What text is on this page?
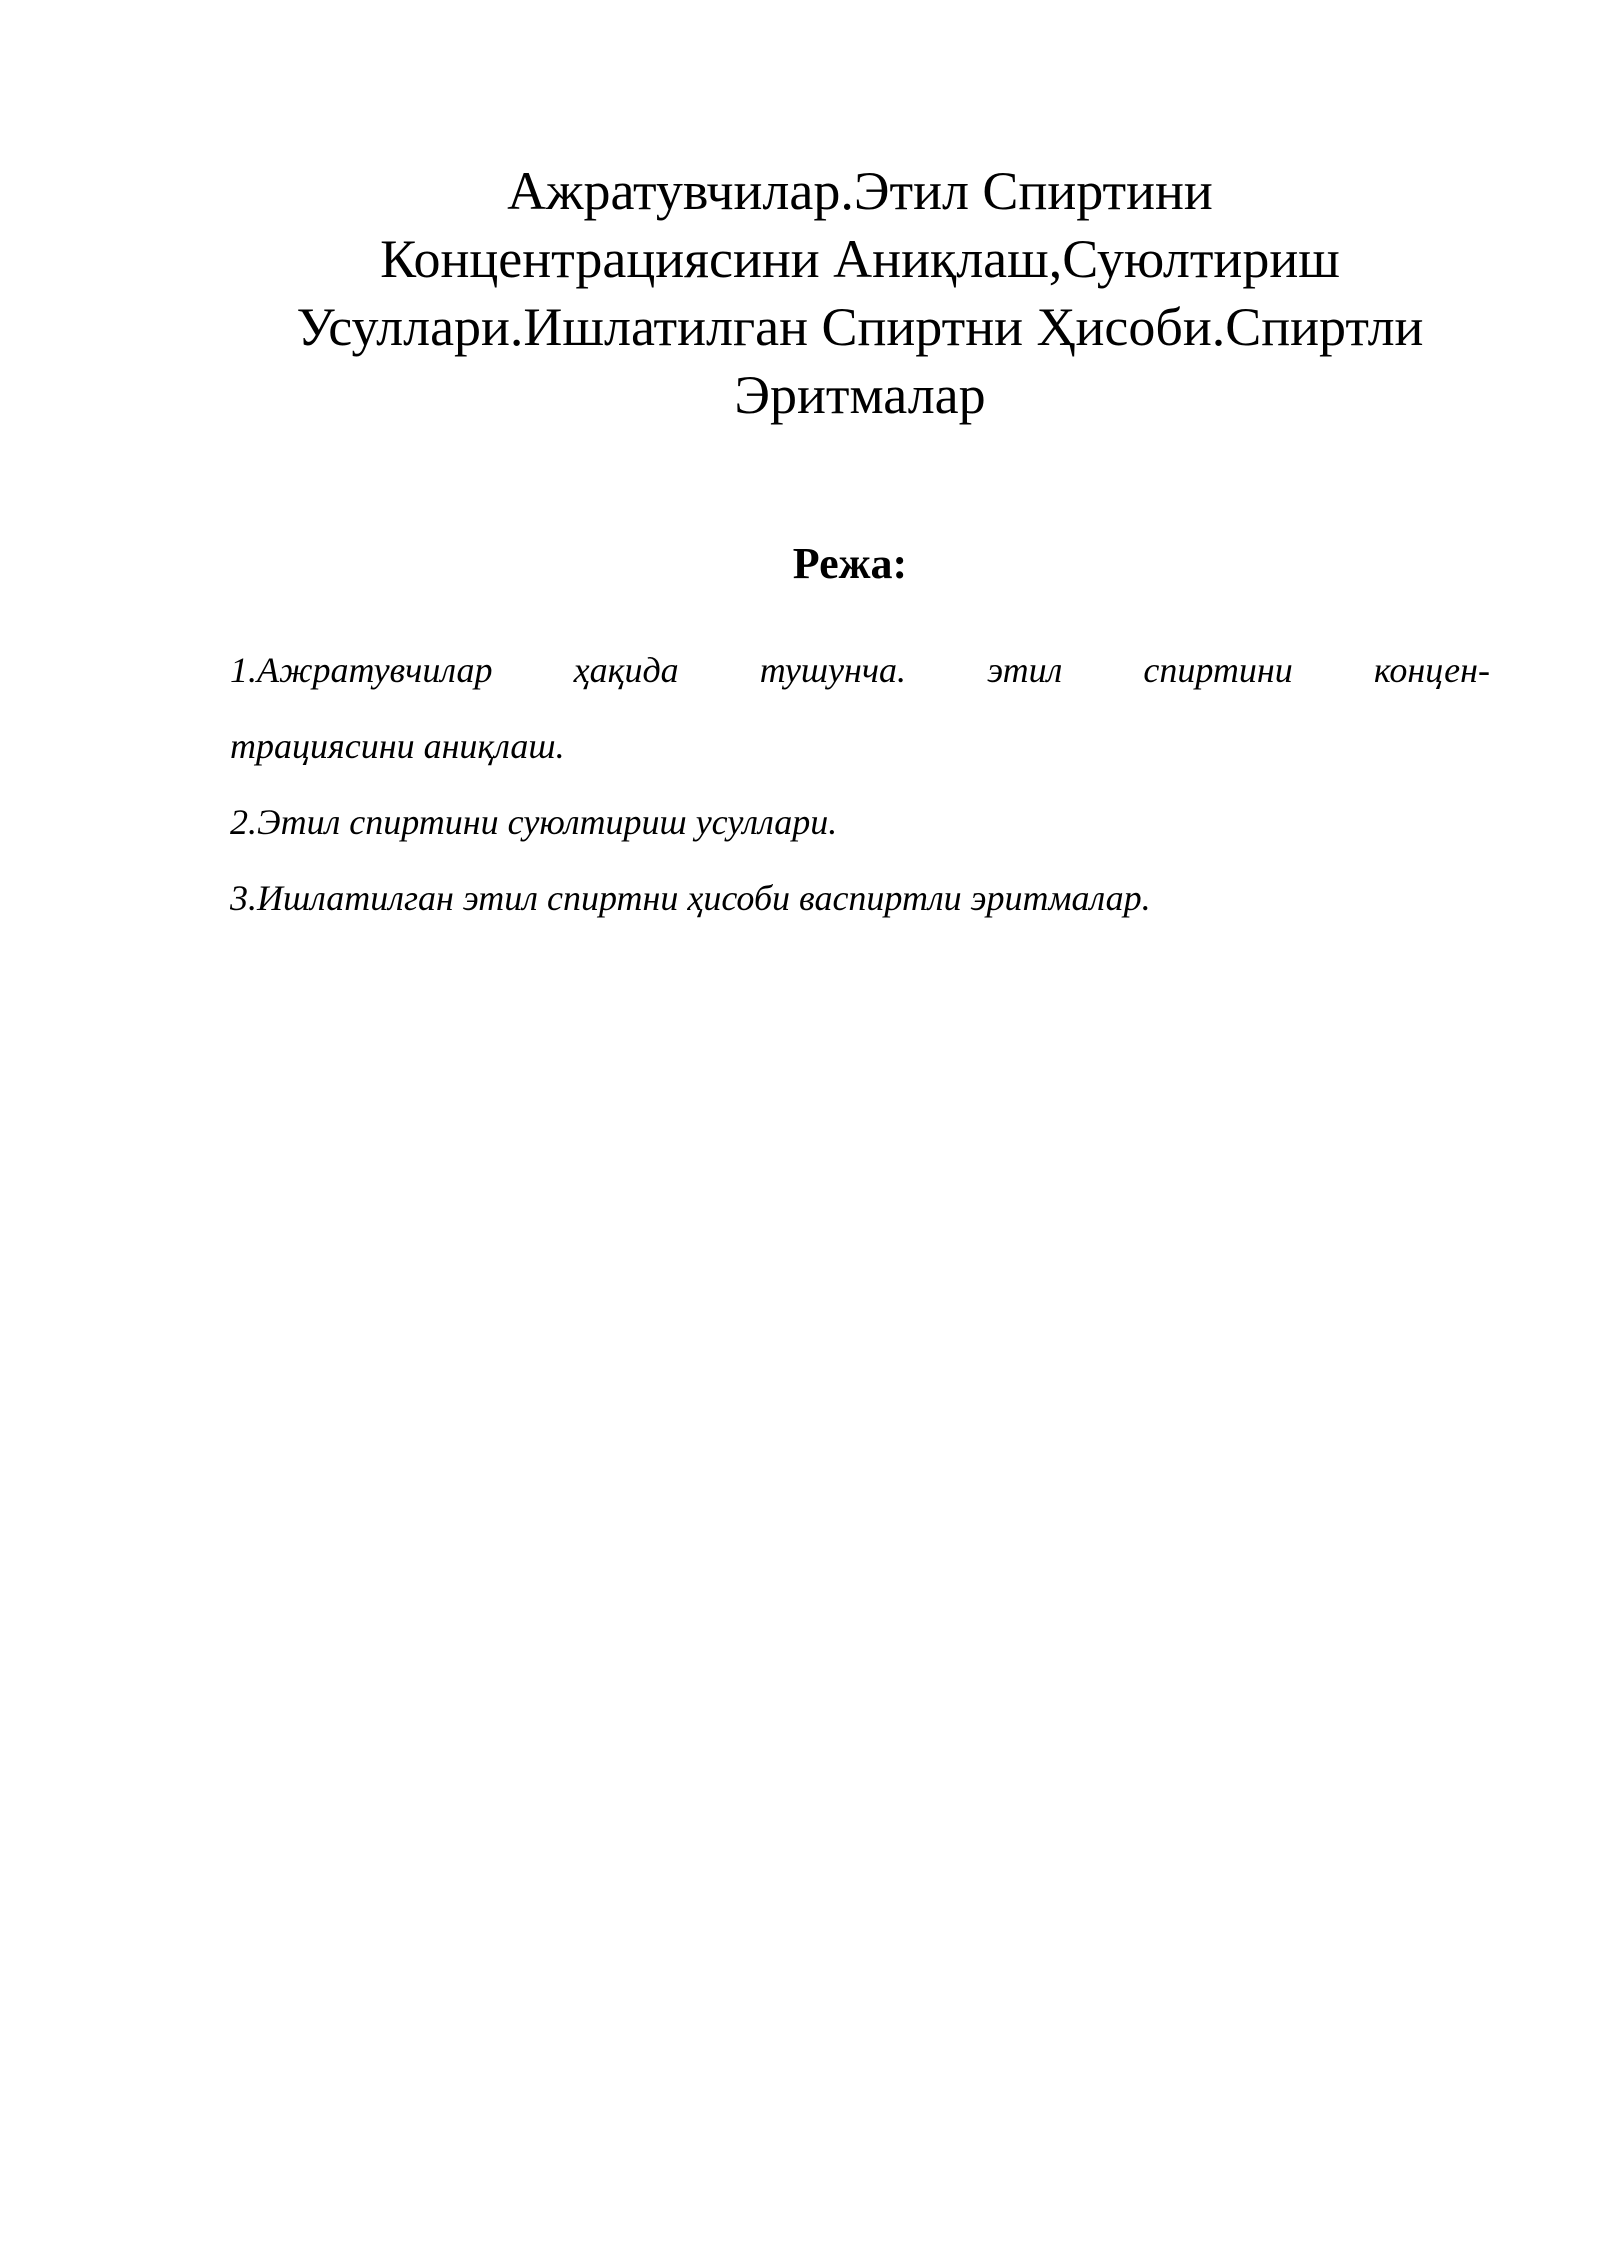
Ажратувчилар.Этил Спиртини
Концентрациясини Аниқлаш,Суюлтириш
Усуллари.Ишлатилган Спиртни Ҳисоби.Спиртли
Эритмалар
Режа:
1.Ажратувчилар ҳақида тушунча. этил спиртини концен-
трациясини аниқлаш.
2.Этил спиртини суюлтириш усуллари.
3.Ишлатилган этил спиртни ҳисоби васпиртли эритмалар.
